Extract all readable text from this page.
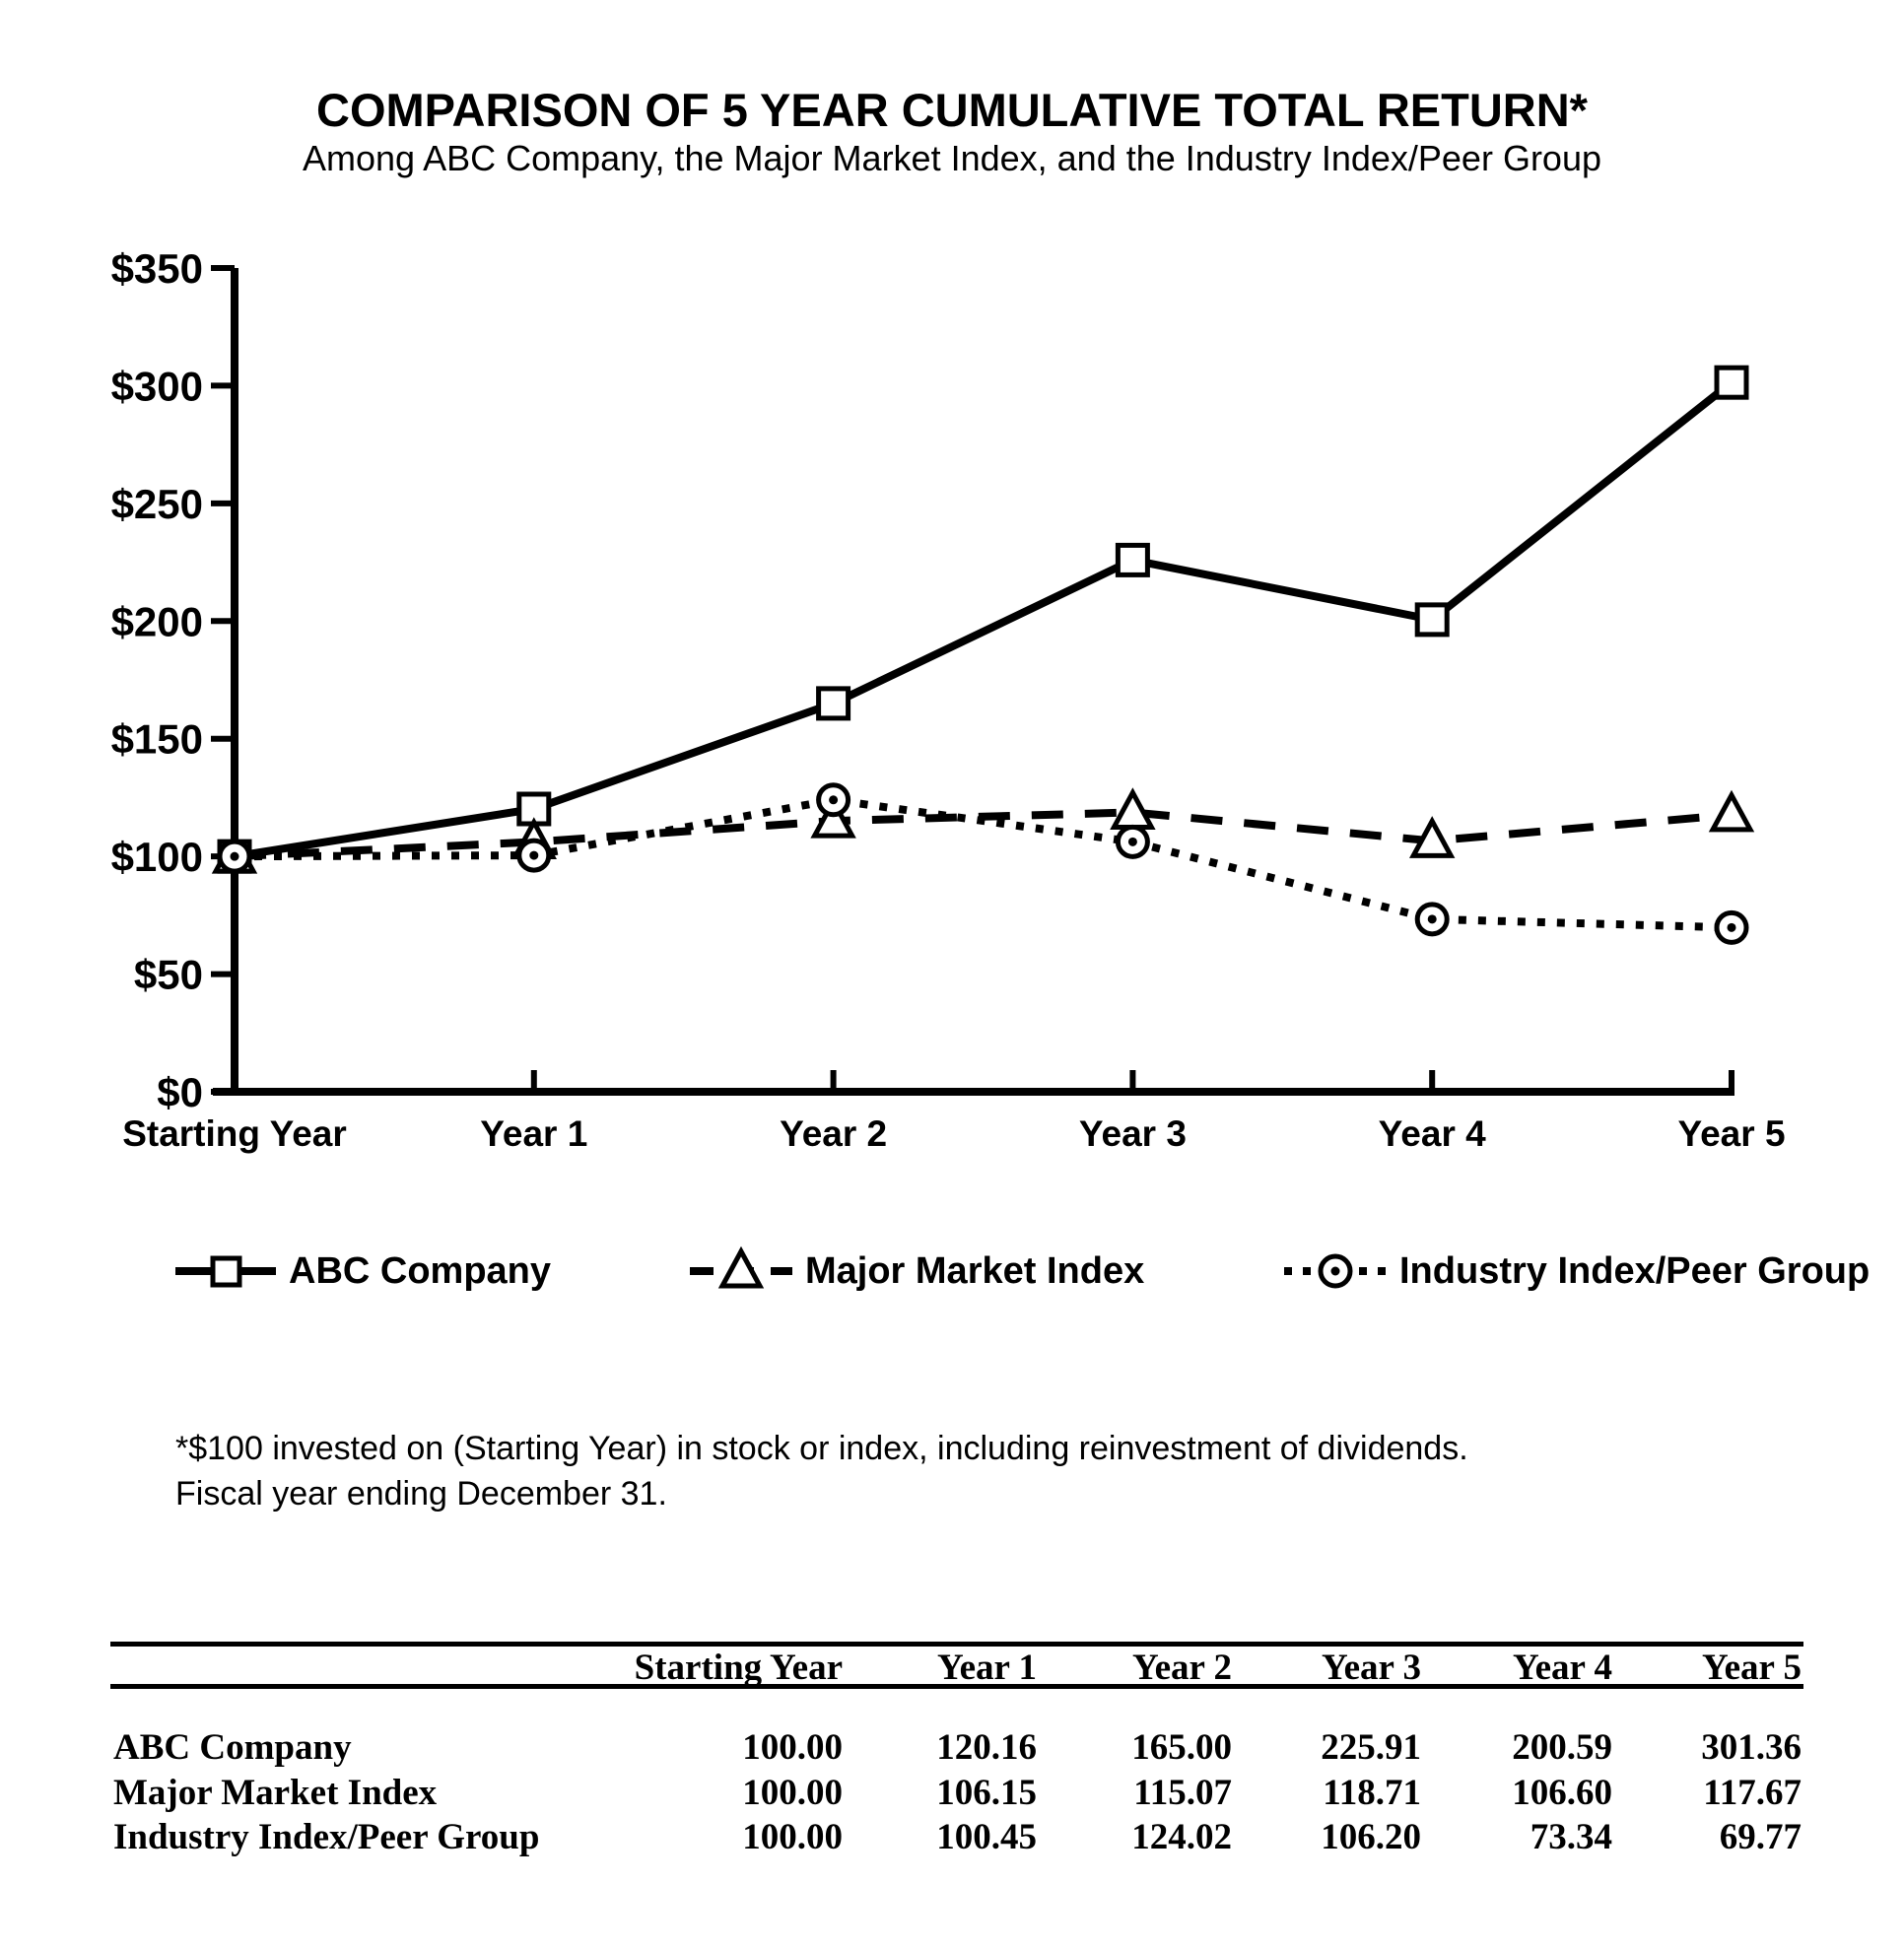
COMPARISON OF 5 YEAR CUMULATIVE TOTAL RETURN*
Among ABC Company, the Major Market Index, and the Industry Index/Peer Group
$0
$50
$100
$150
$200
$250
$300
$350
Starting Year	Year 1	Year 2	Year 3	Year 4	Year 5
ABC Company	Major Market Index	Industry Index/Peer Group
*$100 invested on (Starting Year) in stock or index, including reinvestment of dividends.
Fiscal year ending December 31.
Starting Year	Year 1	Year 2	Year 3	Year 4	Year 5
ABC Company	100.00	120.16	165.00	225.91	200.59	301.36
Major Market Index	100.00	106.15	115.07	118.71	106.60	117.67
Industry Index/Peer Group	100.00	100.45	124.02	106.20	73.34	69.77
